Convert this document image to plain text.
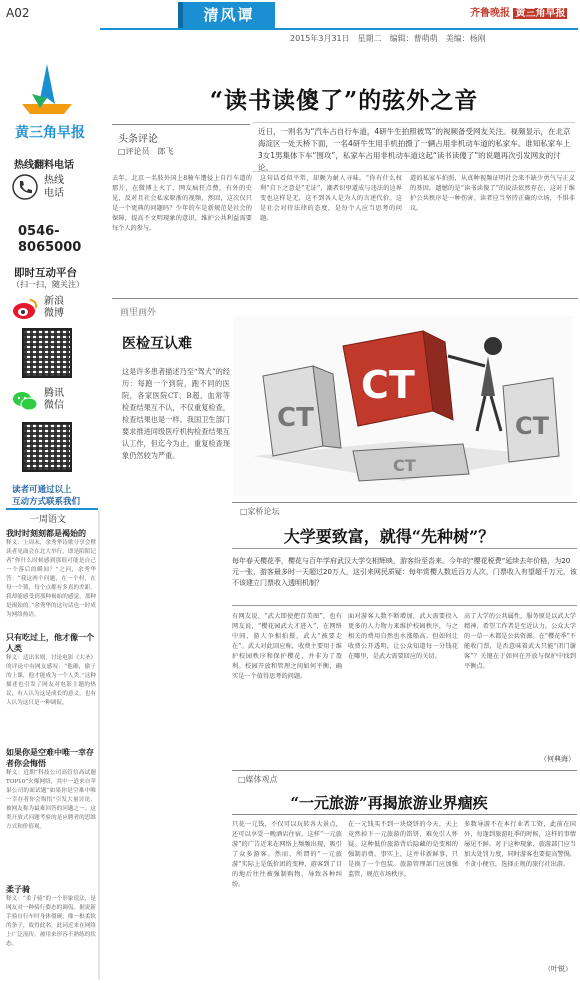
A02	清风谭	齐鲁晚报 黄三角早报
2015年3月31日　星期二　编辑：曹萌萌　美编：杨刚
黄三角早报
热线翻料电话
热线
电话
0546-
8065000
即时互动平台
（扫一扫，随关注）
新浪
微博
腾讯
微信
读者可通过以上
互动方式联系我们
“读书读傻了”的弦外之音
头条评论
□评论员　郎飞
近日，一则名为“汽车占自行车道，4研牛生拍照被骂”的视频备受网友关注。视频显示，在北京海淀区一处天桥下面，一名4研牛生用手机拍摄了一辆占用非机动车道的私家车。谁知私家车上3女1男集体下车“围攻”，私家车占用非机动车道这起“读书读傻了”的说题再次引发网友的讨论。
去年，北京一名肢外国上8骑车遭侵上自行车道的那片，在微博上火了，网友疯狂点赞，有外的史见，反对且社会私家原浙的视频，然回，这次仅只是一个更典的问题吗？少年的车是新规范是社会的保障，提高不文明现象的意识，维护公共利益需要每个人的参与。
这句话看似平常，却颇为耐人寻味。“你有什么权利“自下之意是”无证”，潮者识里道成与违法的边界变也这样是无，这不到各人是为人的言述代价。这是社会对待法律的态度，是每个人应当思考的问题。
道的私家车拍照，从真种视频证明社会来不缺少勇气与正义的基因。遗憾的是“读书读傻了”的说法依然存在，这对于维护公共秩序是一种伤害。读者应当坚持正确的立场，不惧非议。
画里画外
医检互认难
这是许多患者描述乃至“驾犬”的经历：每跑一个到院，跑不同的医院，各家医院CT、B超、血常等检查结果互不认，不仅重复检查，检查结果也是一样。我国卫生部门要求推进同级医疗机构检查结果互认工作，但迄今为止，重复检查现象仍然较为严重。
CT
CT
CT
CT
一周语文
我时时刻刻都是褐始的
释义：上周末，余秀华诗歌分享会暨读者见面会在北大举行，即是陌陌记者“你什么时候感到那很可能是自己一个落后的瞬间？”之问，余秀华答：“我这两个问题，在一个村，在每一个锁，每个点都有多真的差距。我却能感受到那种褐始的感觉，那种是褐始的。”余秀华的这句话也一时成为网络热语。
只有吃过上，他才像一个人类
释义：适出名则，讨论电影《大圣》的评论中有网友感叹：“他确，偷子的上课，他才能成为一个人类。”这种描述也引发了网友对电影主题的热议，有人认为这是成长的意义，也有人认为这只是一种调侃。
如果你是空难中唯一幸存者你会悔悟
释义：近期“科技公司高管信高试题TOP10”火爆网络，其中一道来自苹果公司的面试题“如果你是空难中唯一幸存者你会悔悟”引发大量讨论，被网友称为最难回答的问题之一。这类开放式问题考验的是应聘者的思维方式和价值观。
柔子骑
释义：“柔子骑”的一个形象说法，是网友对一种骑行姿态的调侃。据说新手骑自行车时身体僵硬，像一根柔软的条子，故得此名。此词近来在网络上广泛流传，被用来形容不熟练的状态。
□家桥论坛
大学要致富，就得“先种树”？
每年春天樱花季，樱花与百年学府武汉大学交相辉映，游客纷至沓来。今年的“樱花税费”延续去年价格，为20元一张，游客最多时一天超过20万人，这引来网民质疑：每年赏樱人数近百万人次，门票收入有望超千万元，该不该建立门票收入透明机制？
有网友说，“武大即使把百美图”，也有网友说，“樱花园武大才进入”，在网络中间，游人争相拍摄，武大“被要走在”。武大对此回应称，收费主要用于维护校园秩序和保护樱花，并非为了盈利。校园开放和管理之间如何平衡，确实是一个值得思考的问题。
面对游客人数不断增加，武大需要投入更多的人力物力来维护校园秩序，与之相关的费用自然也水涨船高。但如何让收费公开透明，让公众知道每一分钱花在哪里，是武大需要回应的关切。
高了大学的公共属性，服务原是以武大学精神，希望工作者是至近认力。公众大学的一草一木都是公共资源。在“樱花季”不能收门票，是否意味着武大只能“闭门谢客”？关键在于如何在开放与保护中找到平衡点。
（何典海）
□媒体观点
“一元旅游”再揭旅游业界痼疾
只花一元钱，不仅可以玩转各大景点，还可以享受一晚酒店住宿。这样“一元旅游”的广告近来在网络上频频出现，吸引了众多游客。然而，所谓的“一元旅游”实际上是低价团的变种，游客到了目的地后往往被强制购物，导致各种纠纷。
在一元钱买不到一块烧饼的今天，天上竟然掉下一元旅游的馅饼，难免引人怀疑。这种低价旅游背后隐藏的是变相的强制消费。事实上，这并非新鲜事，只是换了一个包装。旅游管理部门应加强监管，规范市场秩序。
多数导游不在本行业者工资，此前在国外，每逢到旅游旺季的时候，这样的事情屡见不鲜。对于这种现象，旅游部门应当加大处罚力度，同时游客也要提高警惕，不贪小便宜，选择正规的旅行社出游。
（叶锐）
